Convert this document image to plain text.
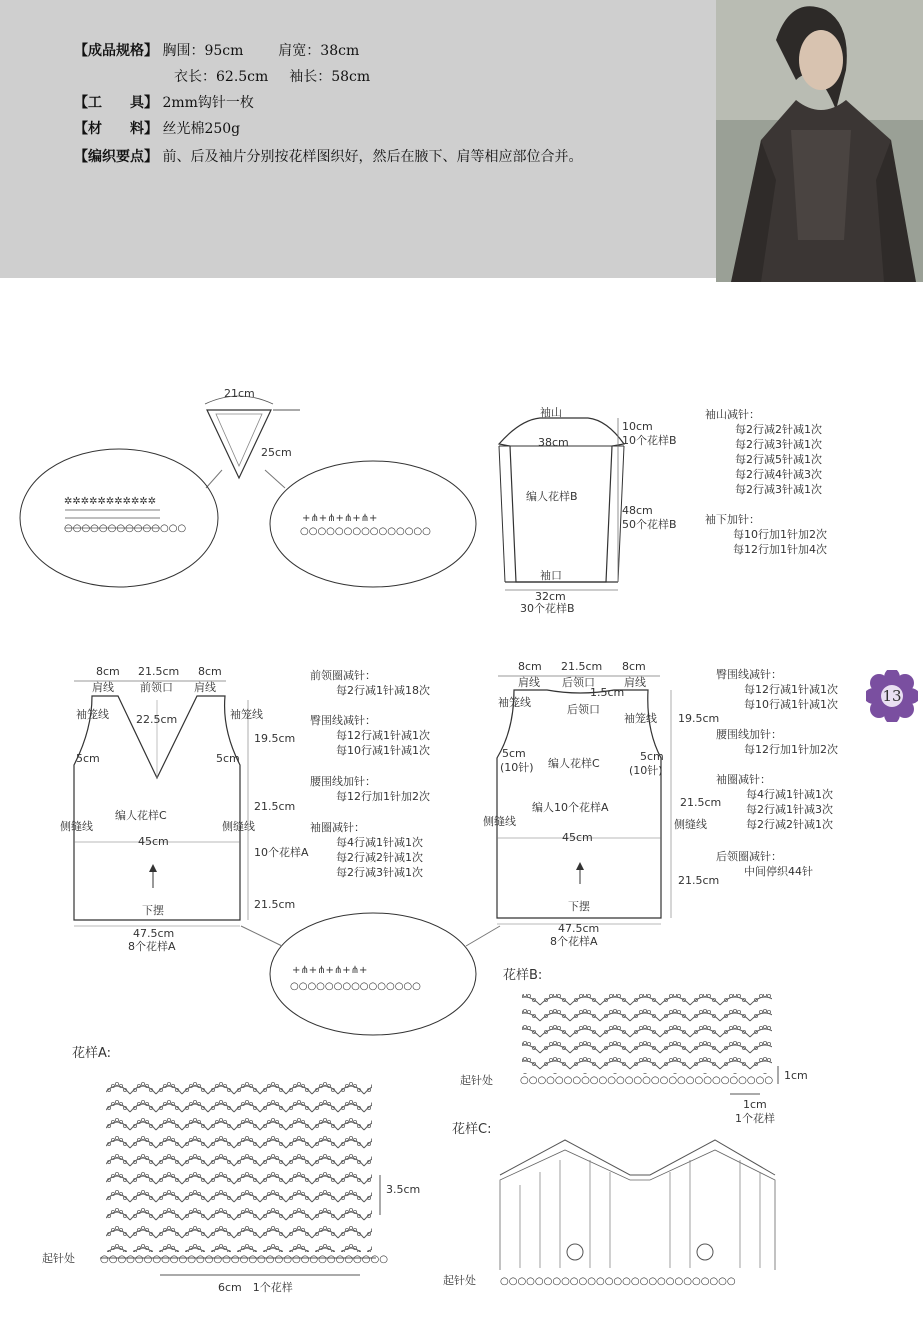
【成品规格】 胸围：95cm 肩宽：38cm
衣长：62.5cm 袖长：58cm
【工　　具】 2mm钩针一枚
【材　　料】 丝光棉250g
【编织要点】 前、后及袖片分别按花样图织好，然后在腋下、肩等相应部位合并。
21cm
25cm
✲✲✲✲✲✲✲✲✲✲✲
○○○○○○○○○○○○○○
+⋔+⋔+⋔+⋔+
○○○○○○○○○○○○○○○
袖山
38cm
编人花样B
袖口
32cm
30个花样B
10cm
10个花样B
48cm
50个花样B
袖山减针：
每2行减2针减1次
每2行减3针减1次
每2行减5针减1次
每2行减4针减3次
每2行减3针减1次
袖下加针：
每10行加1针加2次
每12行加1针加4次
8cm 21.5cm 8cm
肩线 前领口 肩线
22.5cm
袖笼线	袖笼线
5cm	5cm
编人花样C
45cm
侧缝线	侧缝线
下摆
47.5cm
8个花样A
19.5cm
21.5cm
10个花样A
21.5cm
前领圈减针：
每2行减1针减18次
臀围线减针：
每12行减1针减1次
每10行减1针减1次
腰围线加针：
每12行加1针加2次
袖圈减针：
每4行减1针减1次
每2行减2针减1次
每2行减3针减1次
8cm 21.5cm 8cm
肩线 后领口	肩线
1.5cm
后领口
袖笼线
袖笼线
5cm
(10针)
5cm
(10针)
编人花样C
编人10个花样A
45cm
侧缝线	侧缝线
下摆
47.5cm
8个花样A
19.5cm
21.5cm
21.5cm
臀围线减针：
每12行减1针减1次
每10行减1针减1次
腰围线加针：
每12行加1针加2次
袖圈减针：
每4行减1针减1次
每2行减1针减3次
每2行减2针减1次
后领圈减针：
中间停织44针
+⋔+⋔+⋔+⋔+
○○○○○○○○○○○○○○○
花样A:
○○○○○○○○○○○○○○○○○○○○○○○○○○○○○○○○○
起针处
3.5cm
6cm　1个花样
花样B:
○○○○○○○○○○○○○○○○○○○○○○○○○○○○○
起针处	1cm
1cm
1个花样
花样C:
○○○○○○○○○○○○○○○○○○○○○○○○○○○
起针处
13
